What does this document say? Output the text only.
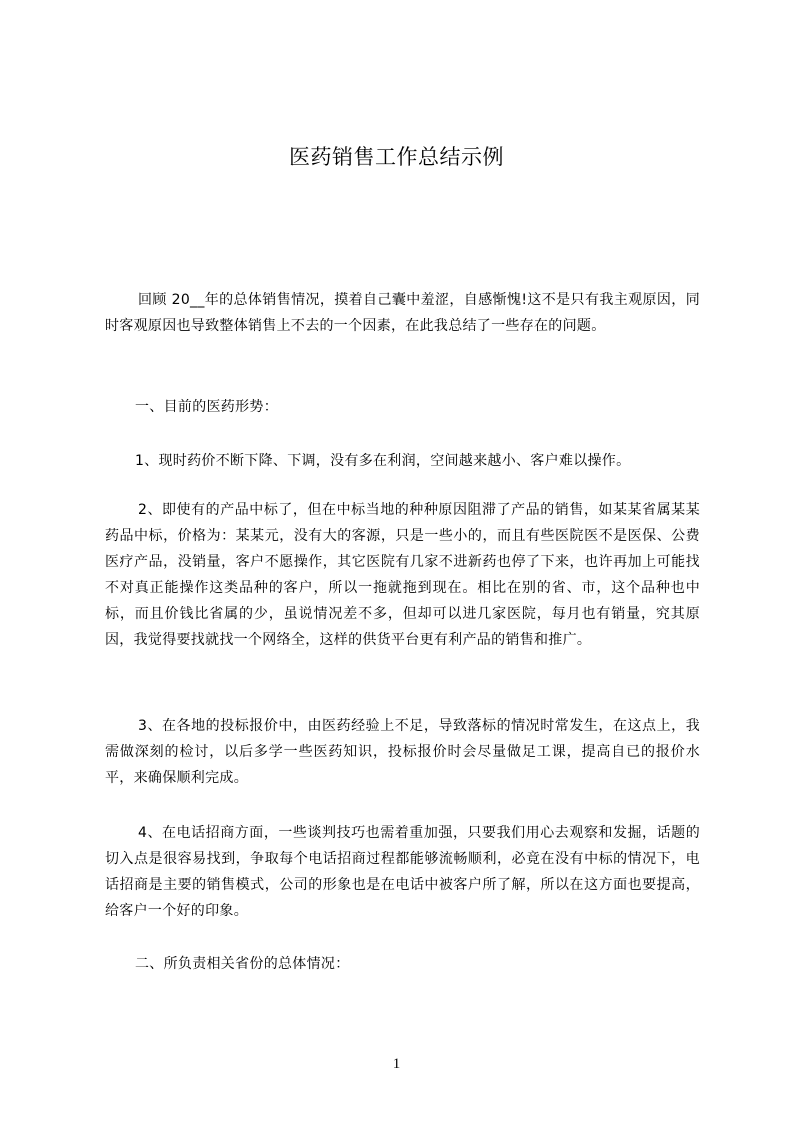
医药销售工作总结示例
回顾 20__年的总体销售情况，摸着自己囊中羞涩，自感惭愧!这不是只有我主观原因，同时客观原因也导致整体销售上不去的一个因素，在此我总结了一些存在的问题。
一、目前的医药形势：
1、现时药价不断下降、下调，没有多在利润，空间越来越小、客户难以操作。
2、即使有的产品中标了，但在中标当地的种种原因阻滞了产品的销售，如某某省属某某药品中标，价格为：某某元，没有大的客源，只是一些小的，而且有些医院医不是医保、公费医疗产品，没销量，客户不愿操作，其它医院有几家不进新药也停了下来，也许再加上可能找不对真正能操作这类品种的客户，所以一拖就拖到现在。相比在别的省、市，这个品种也中标，而且价钱比省属的少，虽说情况差不多，但却可以进几家医院，每月也有销量，究其原因，我觉得要找就找一个网络全，这样的供货平台更有利产品的销售和推广。
3、在各地的投标报价中，由医药经验上不足，导致落标的情况时常发生，在这点上，我需做深刻的检讨，以后多学一些医药知识，投标报价时会尽量做足工课，提高自已的报价水平，来确保顺利完成。
4、在电话招商方面，一些谈判技巧也需着重加强，只要我们用心去观察和发掘，话题的切入点是很容易找到，争取每个电话招商过程都能够流畅顺利，必竟在没有中标的情况下，电话招商是主要的销售模式，公司的形象也是在电话中被客户所了解，所以在这方面也要提高，给客户一个好的印象。
二、所负责相关省份的总体情况：
1
